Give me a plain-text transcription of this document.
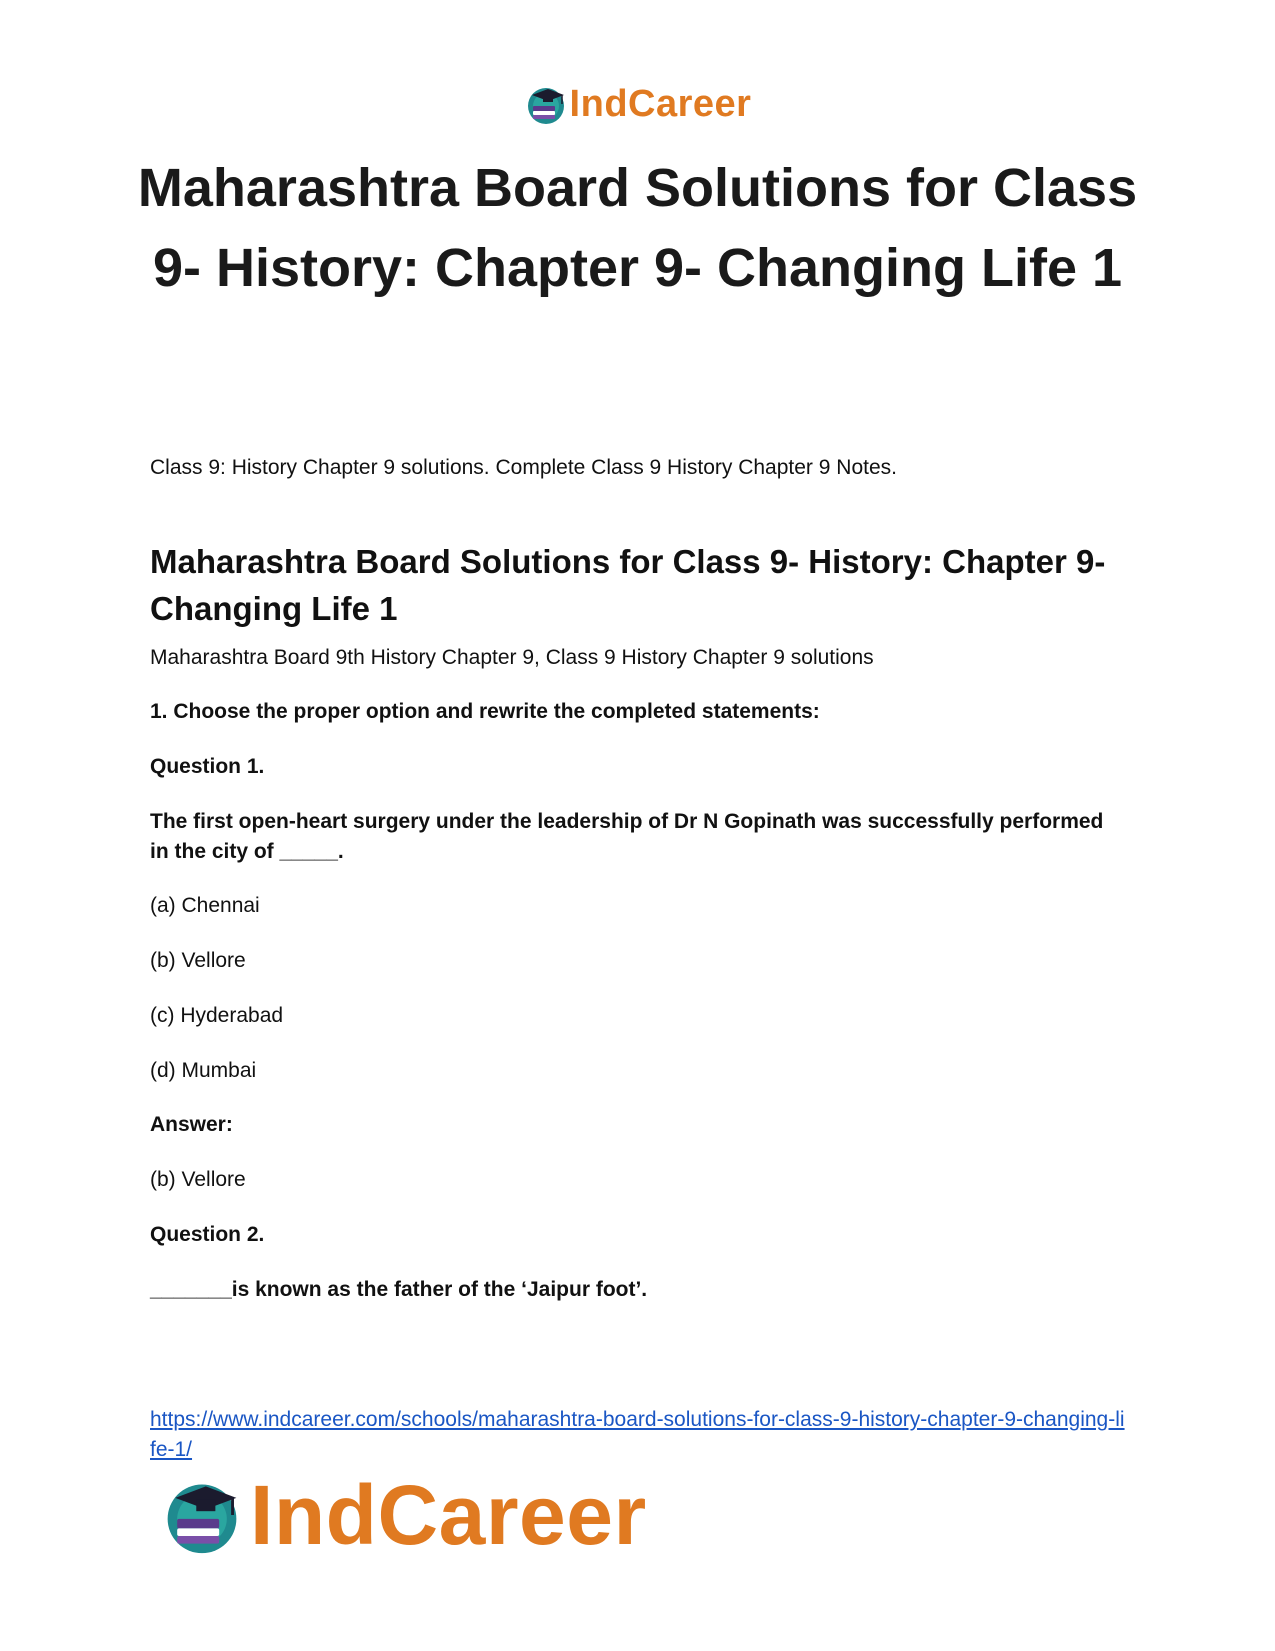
IndCareer
Maharashtra Board Solutions for Class 9- History: Chapter 9- Changing Life 1

Class 9: History Chapter 9 solutions. Complete Class 9 History Chapter 9 Notes.

Maharashtra Board Solutions for Class 9- History: Chapter 9- Changing Life 1

Maharashtra Board 9th History Chapter 9, Class 9 History Chapter 9 solutions

1. Choose the proper option and rewrite the completed statements:

Question 1.

The first open-heart surgery under the leadership of Dr N Gopinath was successfully performed in the city of _____.

(a) Chennai

(b) Vellore

(c) Hyderabad

(d) Mumbai

Answer:

(b) Vellore

Question 2.

_______is known as the father of the ‘Jaipur foot’.

https://www.indcareer.com/schools/maharashtra-board-solutions-for-class-9-history-chapter-9-changing-life-1/
IndCareer
